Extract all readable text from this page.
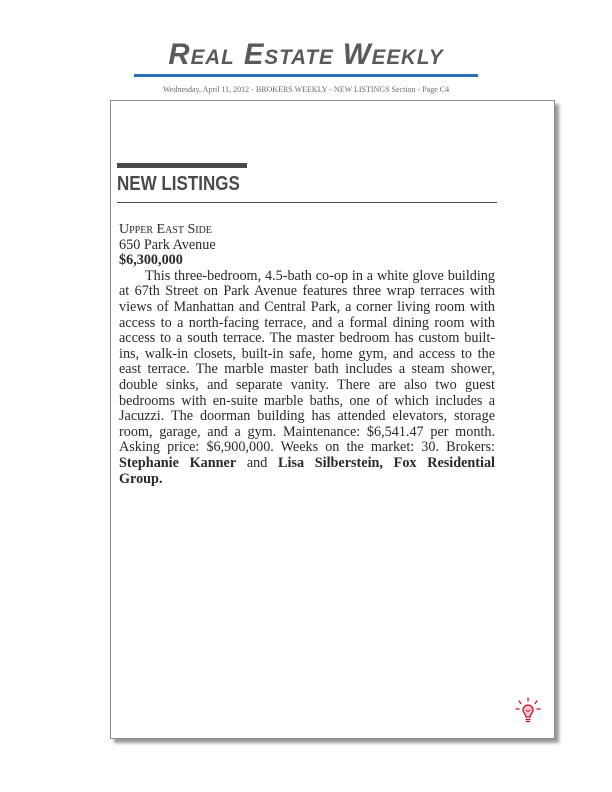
Real Estate Weekly
Wednesday, April 11, 2012 - BROKERS WEEKLY - NEW LISTINGS Section - Page C4
NEW LISTINGS
Upper East Side
650 Park Avenue
$6,300,000

This three-bedroom, 4.5-bath co-op in a white glove building at 67th Street on Park Avenue features three wrap terraces with views of Manhattan and Central Park, a corner living room with access to a north-facing terrace, and a formal dining room with access to a south terrace. The master bedroom has custom built-ins, walk-in closets, built-in safe, home gym, and access to the east terrace. The marble master bath includes a steam shower, double sinks, and separate vanity. There are also two guest bedrooms with en-suite marble baths, one of which includes a Jacuzzi. The doorman building has attended elevators, storage room, garage, and a gym. Maintenance: $6,541.47 per month. Asking price: $6,900,000. Weeks on the market: 30. Brokers: Stephanie Kanner and Lisa Silberstein, Fox Residential Group.
